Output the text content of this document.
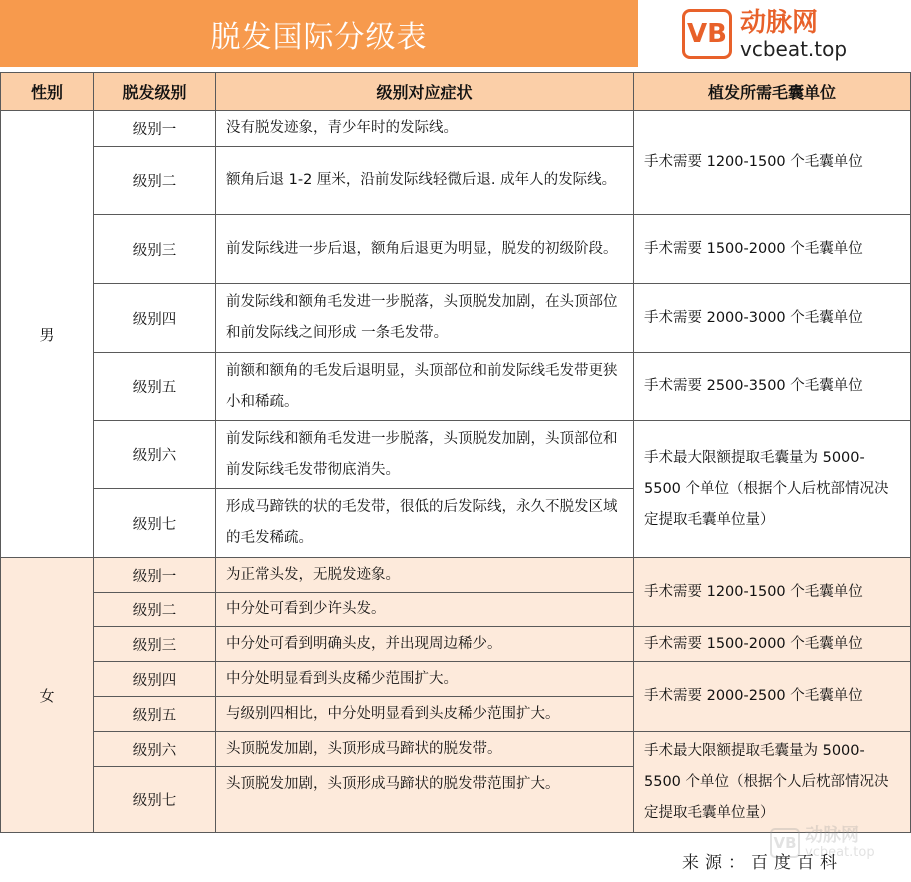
脱发国际分级表	VB 动脉网
vcbeat.top
性别	脱发级别	级别对应症状	植发所需毛囊单位
男	级别一	没有脱发迹象，青少年时的发际线。	手术需要 1200-1500 个毛囊单位
	级别二	额角后退 1-2 厘米，沿前发际线轻微后退. 成年人的发际线。	
	级别三	前发际线进一步后退，额角后退更为明显，脱发的初级阶段。	手术需要 1500-2000 个毛囊单位
	级别四	前发际线和额角毛发进一步脱落，头顶脱发加剧，在头顶部位和前发际线之间形成 一条毛发带。	手术需要 2000-3000 个毛囊单位
	级别五	前额和额角的毛发后退明显，头顶部位和前发际线毛发带更狭小和稀疏。	手术需要 2500-3500 个毛囊单位
	级别六	前发际线和额角毛发进一步脱落，头顶脱发加剧，头顶部位和前发际线毛发带彻底消失。	手术最大限额提取毛囊量为 5000-5500 个单位（根据个人后枕部情况决定提取毛囊单位量）
	级别七	形成马蹄铁的状的毛发带，很低的后发际线，永久不脱发区域的毛发稀疏。	
女	级别一	为正常头发，无脱发迹象。	手术需要 1200-1500 个毛囊单位
	级别二	中分处可看到少许头发。	
	级别三	中分处可看到明确头皮，并出现周边稀少。	手术需要 1500-2000 个毛囊单位
	级别四	中分处明显看到头皮稀少范围扩大。	手术需要 2000-2500 个毛囊单位
	级别五	与级别四相比，中分处明显看到头皮稀少范围扩大。	
	级别六	头顶脱发加剧，头顶形成马蹄状的脱发带。	手术最大限额提取毛囊量为 5000-5500 个单位（根据个人后枕部情况决定提取毛囊单位量）
	级别七	头顶脱发加剧，头顶形成马蹄状的脱发带范围扩大。	
VB 动脉网
vcbeat.top
来源：百度百科
